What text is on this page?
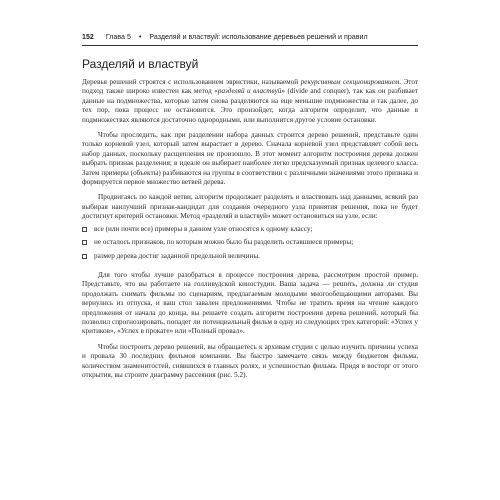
152 Глава 5 • Разделяй и властвуй: использование деревьев решений и правил
Разделяй и властвуй

Деревья решений строятся с использованием эвристики, называемой рекурсивным секционированием. Этот подход также широко известен как метод «разделяй и властвуй» (divide and conquer), так как он разбивает данные на подмножества, которые затем снова разделяются на еще меньшие подмножества и так далее, до тех пор, пока процесс не остановится. Это произойдет, когда алгоритм определит, что данные в подмножествах являются достаточно однородными, или выполнится другое условие остановки.

Чтобы проследить, как при разделении набора данных строится дерево решений, представьте один только корневой узел, который затем вырастает в дерево. Сначала корневой узел представляет собой весь набор данных, поскольку расщепления не произошло. В этот момент алгоритм построения дерева должен выбрать признак разделения; в идеале он выбирает наиболее легко предсказуемый признак целевого класса. Затем примеры (объекты) разбиваются на группы в соответствии с различными значениями этого признака и формируется первое множество ветвей дерева.

Продвигаясь по каждой ветви, алгоритм продолжает разделять и властвовать над данными, всякий раз выбирая наилучший признак-кандидат для создания очередного узла принятия решения, пока не будет достигнут критерий остановки. Метод «разделяй и властвуй» может остановиться на узле, если:

все (или почти все) примеры в данном узле относятся к одному классу;
не осталось признаков, по которым можно было бы разделить оставшиеся примеры;
размер дерева достиг заданной предельной величины.

Для того чтобы лучше разобраться в процессе построения дерева, рассмотрим простой пример. Представьте, что вы работаете на голливудской киностудии. Ваша задача — решить, должна ли студия продолжать снимать фильмы по сценариям, предлагаемым молодыми многообещающими авторами. Вы вернулись из отпуска, и ваш стол завален предложениями. Чтобы не тратить время на чтение каждого предложения от начала до конца, вы решаете создать алгоритм построения дерева решений, который бы позволил спрогнозировать, попадет ли потенциальный фильм в одну из следующих трех категорий: «Успех у критиков», «Успех в прокате» или «Полный провал».

Чтобы построить дерево решений, вы обращаетесь к архивам студии с целью изучить причины успеха и провала 30 последних фильмов компании. Вы быстро замечаете связь между бюджетом фильма, количеством знаменитостей, снявшихся в главных ролях, и успешностью фильма. Придя в восторг от этого открытия, вы строите диаграмму рассеяния (рис. 5.2).
